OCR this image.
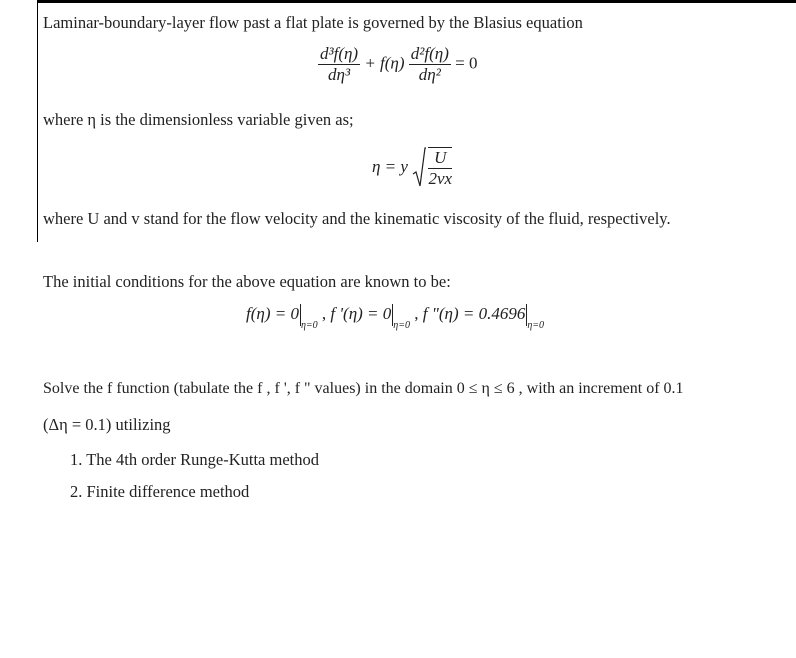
Laminar-boundary-layer flow past a flat plate is governed by the Blasius equation
$\frac{\text{d³f(η)}}{\text{dη³}} + f(\eta) \frac{\text{d²f(η)}}{\text{dη²}} = 0$
where η is the dimensionless variable given as;
η = y $\frac{U}{2vx}$
where U and v stand for the flow velocity and the kinematic viscosity of the fluid, respectively.
The initial conditions for the above equation are known to be:
$f(\eta) = 0_{\eta=0}$ , f '$(\eta) = 0_{\eta=0}$ , f "$(\eta) = 0.4696_{\eta=0}$
Solve the f function (tabulate the f , f ', f " values) in the domain 0 ≤ η ≤ 6 , with an increment of 0.1
(Δη = 0.1) utilizing
1. The 4th order Runge-Kutta method
2. Finite difference method
